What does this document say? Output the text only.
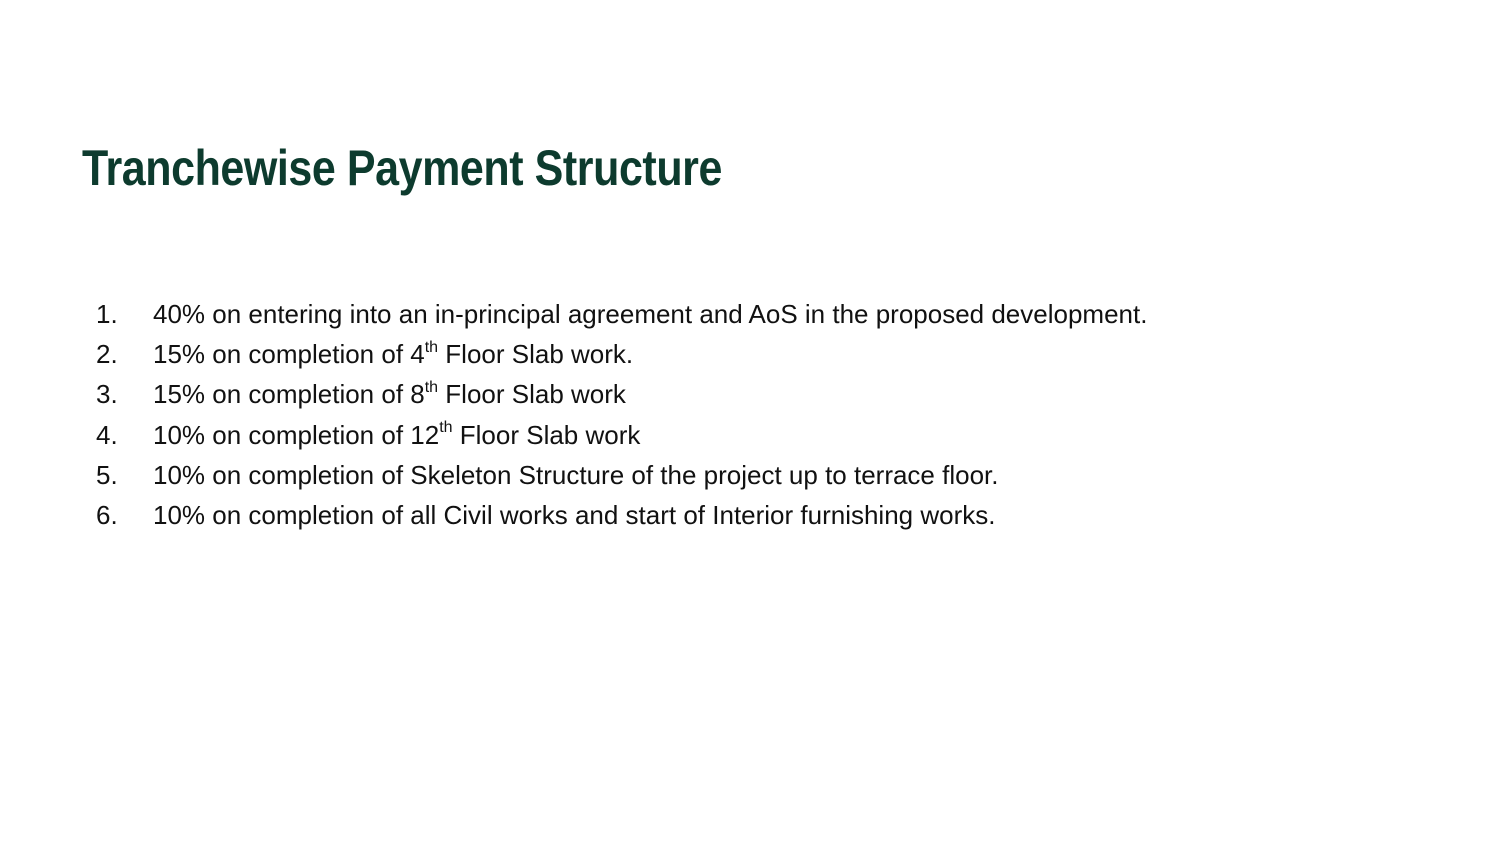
Tranchewise Payment Structure
1. 40% on entering into an in-principal agreement and AoS in the proposed development.
2. 15% on completion of 4th Floor Slab work.
3. 15% on completion of 8th Floor Slab work
4. 10% on completion of 12th Floor Slab work
5. 10% on completion of Skeleton Structure of the project up to terrace floor.
6. 10% on completion of all Civil works and start of Interior furnishing works.
